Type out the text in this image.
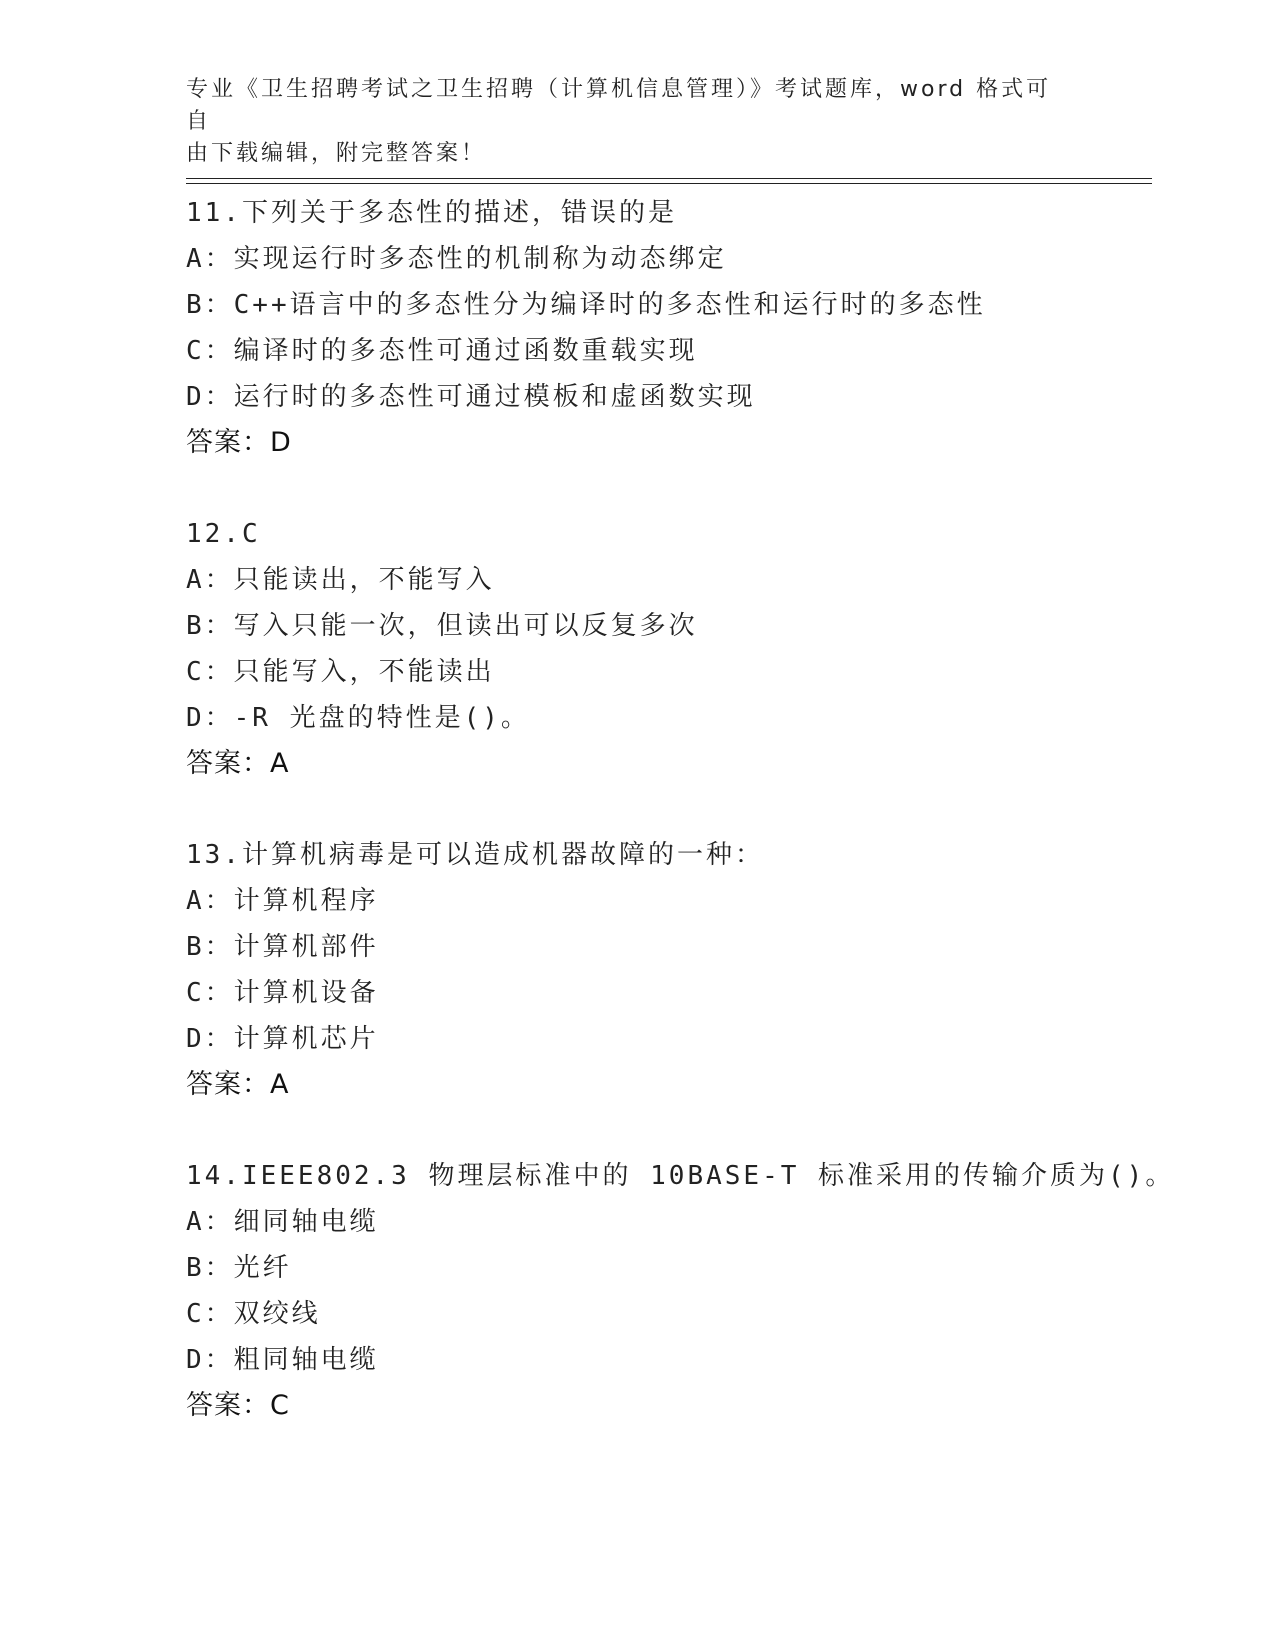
专业《卫生招聘考试之卫生招聘（计算机信息管理）》考试题库，word 格式可自
由下载编辑，附完整答案！
11.下列关于多态性的描述，错误的是
A：实现运行时多态性的机制称为动态绑定
B：C++语言中的多态性分为编译时的多态性和运行时的多态性
C：编译时的多态性可通过函数重载实现
D：运行时的多态性可通过模板和虚函数实现
答案：D
12.C
A：只能读出，不能写入
B：写入只能一次，但读出可以反复多次
C：只能写入，不能读出
D：-R 光盘的特性是()。
答案：A
13.计算机病毒是可以造成机器故障的一种：
A：计算机程序
B：计算机部件
C：计算机设备
D：计算机芯片
答案：A
14.IEEE802.3 物理层标准中的 10BASE-T 标准采用的传输介质为()。
A：细同轴电缆
B：光纤
C：双绞线
D：粗同轴电缆
答案：C
